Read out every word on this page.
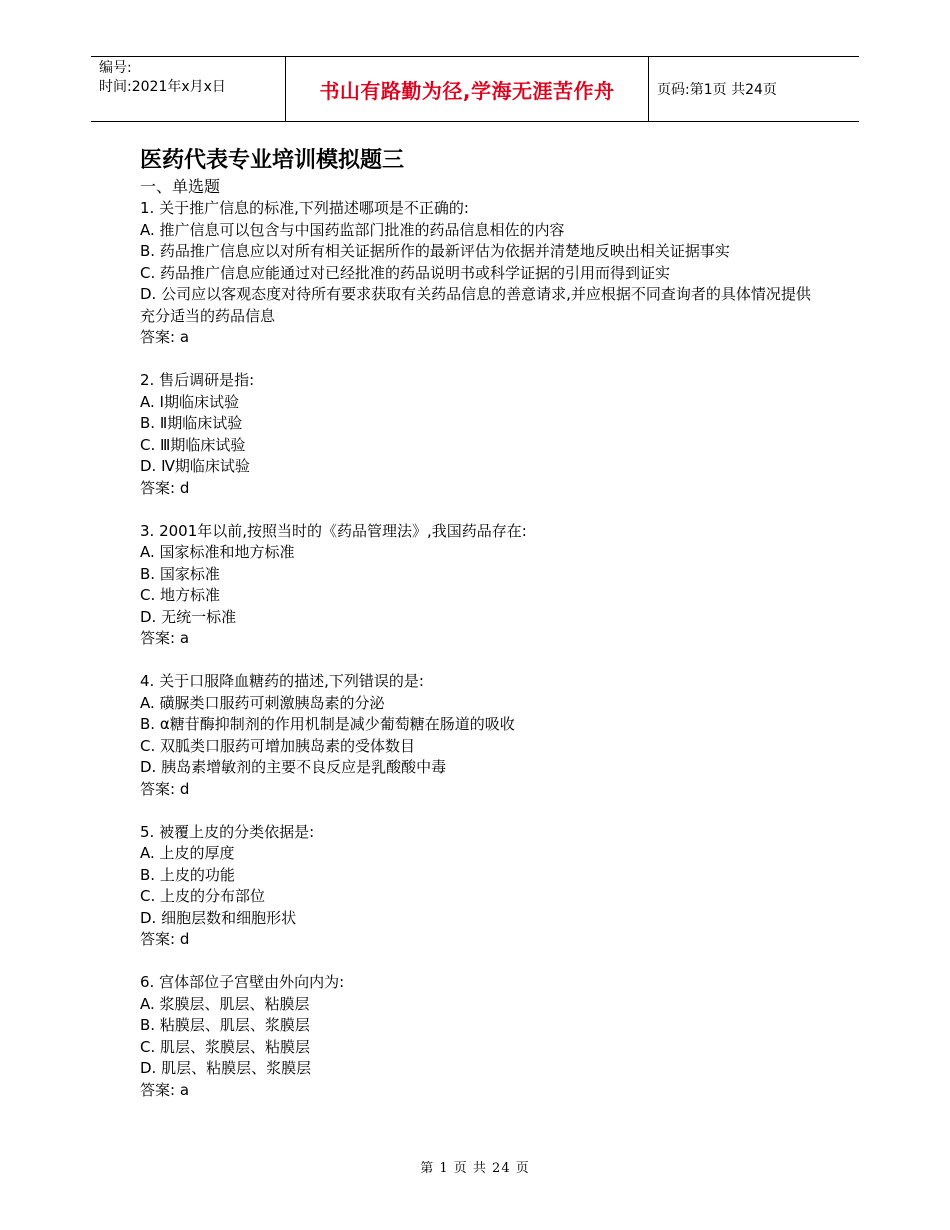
编号:
时间:2021年x月x日	书山有路勤为径,学海无涯苦作舟	页码:第1页 共24页
医药代表专业培训模拟题三
一、单选题
1. 关于推广信息的标准,下列描述哪项是不正确的:
A. 推广信息可以包含与中国药监部门批准的药品信息相佐的内容
B. 药品推广信息应以对所有相关证据所作的最新评估为依据并清楚地反映出相关证据事实
C. 药品推广信息应能通过对已经批准的药品说明书或科学证据的引用而得到证实
D. 公司应以客观态度对待所有要求获取有关药品信息的善意请求,并应根据不同查询者的具体情况提供充分适当的药品信息
答案: a
2. 售后调研是指:
A. Ⅰ期临床试验
B. Ⅱ期临床试验
C. Ⅲ期临床试验
D. Ⅳ期临床试验
答案: d
3. 2001年以前,按照当时的《药品管理法》,我国药品存在:
A. 国家标准和地方标准
B. 国家标准
C. 地方标准
D. 无统一标准
答案: a
4. 关于口服降血糖药的描述,下列错误的是:
A. 磺脲类口服药可刺激胰岛素的分泌
B. α糖苷酶抑制剂的作用机制是减少葡萄糖在肠道的吸收
C. 双胍类口服药可增加胰岛素的受体数目
D. 胰岛素增敏剂的主要不良反应是乳酸酸中毒
答案: d
5. 被覆上皮的分类依据是:
A. 上皮的厚度
B. 上皮的功能
C. 上皮的分布部位
D. 细胞层数和细胞形状
答案: d
6. 宫体部位子宫壁由外向内为:
A. 浆膜层、肌层、粘膜层
B. 粘膜层、肌层、浆膜层
C. 肌层、浆膜层、粘膜层
D. 肌层、粘膜层、浆膜层
答案: a
第 1 页 共 24 页
